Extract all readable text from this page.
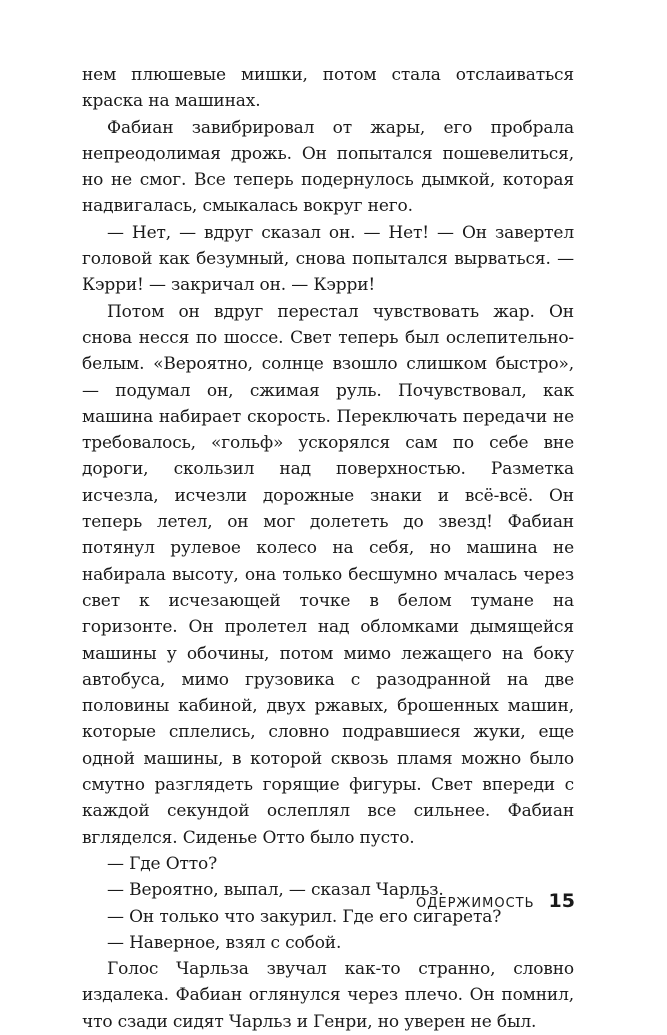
нем плюшевые мишки, потом стала отслаиваться краска на машинах.

Фабиан завибрировал от жары, его пробрала непреодолимая дрожь. Он попытался пошевелиться, но не смог. Все теперь подернулось дымкой, которая надвигалась, смыкалась вокруг него.

— Нет, — вдруг сказал он. — Нет! — Он завертел головой как безумный, снова попытался вырваться. — Кэрри! — закричал он. — Кэрри!

Потом он вдруг перестал чувствовать жар. Он снова несся по шоссе. Свет теперь был ослепительно-белым. «Вероятно, солнце взошло слишком быстро», — подумал он, сжимая руль. Почувствовал, как машина набирает скорость. Переключать передачи не требовалось, «гольф» ускорялся сам по себе вне дороги, скользил над поверхностью. Разметка исчезла, исчезли дорожные знаки и всё-всё. Он теперь летел, он мог долететь до звезд! Фабиан потянул рулевое колесо на себя, но машина не набирала высоту, она только бесшумно мчалась через свет к исчезающей точке в белом тумане на горизонте. Он пролетел над обломками дымящейся машины у обочины, потом мимо лежащего на боку автобуса, мимо грузовика с разодранной на две половины кабиной, двух ржавых, брошенных машин, которые сплелись, словно подравшиеся жуки, еще одной машины, в которой сквозь пламя можно было смутно разглядеть горящие фигуры. Свет впереди с каждой секундой ослеплял все сильнее. Фабиан вгляделся. Сиденье Отто было пусто.

— Где Отто?

— Вероятно, выпал, — сказал Чарльз.

— Он только что закурил. Где его сигарета?

— Наверное, взял с собой.

Голос Чарльза звучал как-то странно, словно издалека. Фабиан оглянулся через плечо. Он помнил, что сзади сидят Чарльз и Генри, но уверен не был.

ОДЕРЖИМОСТЬ 15
